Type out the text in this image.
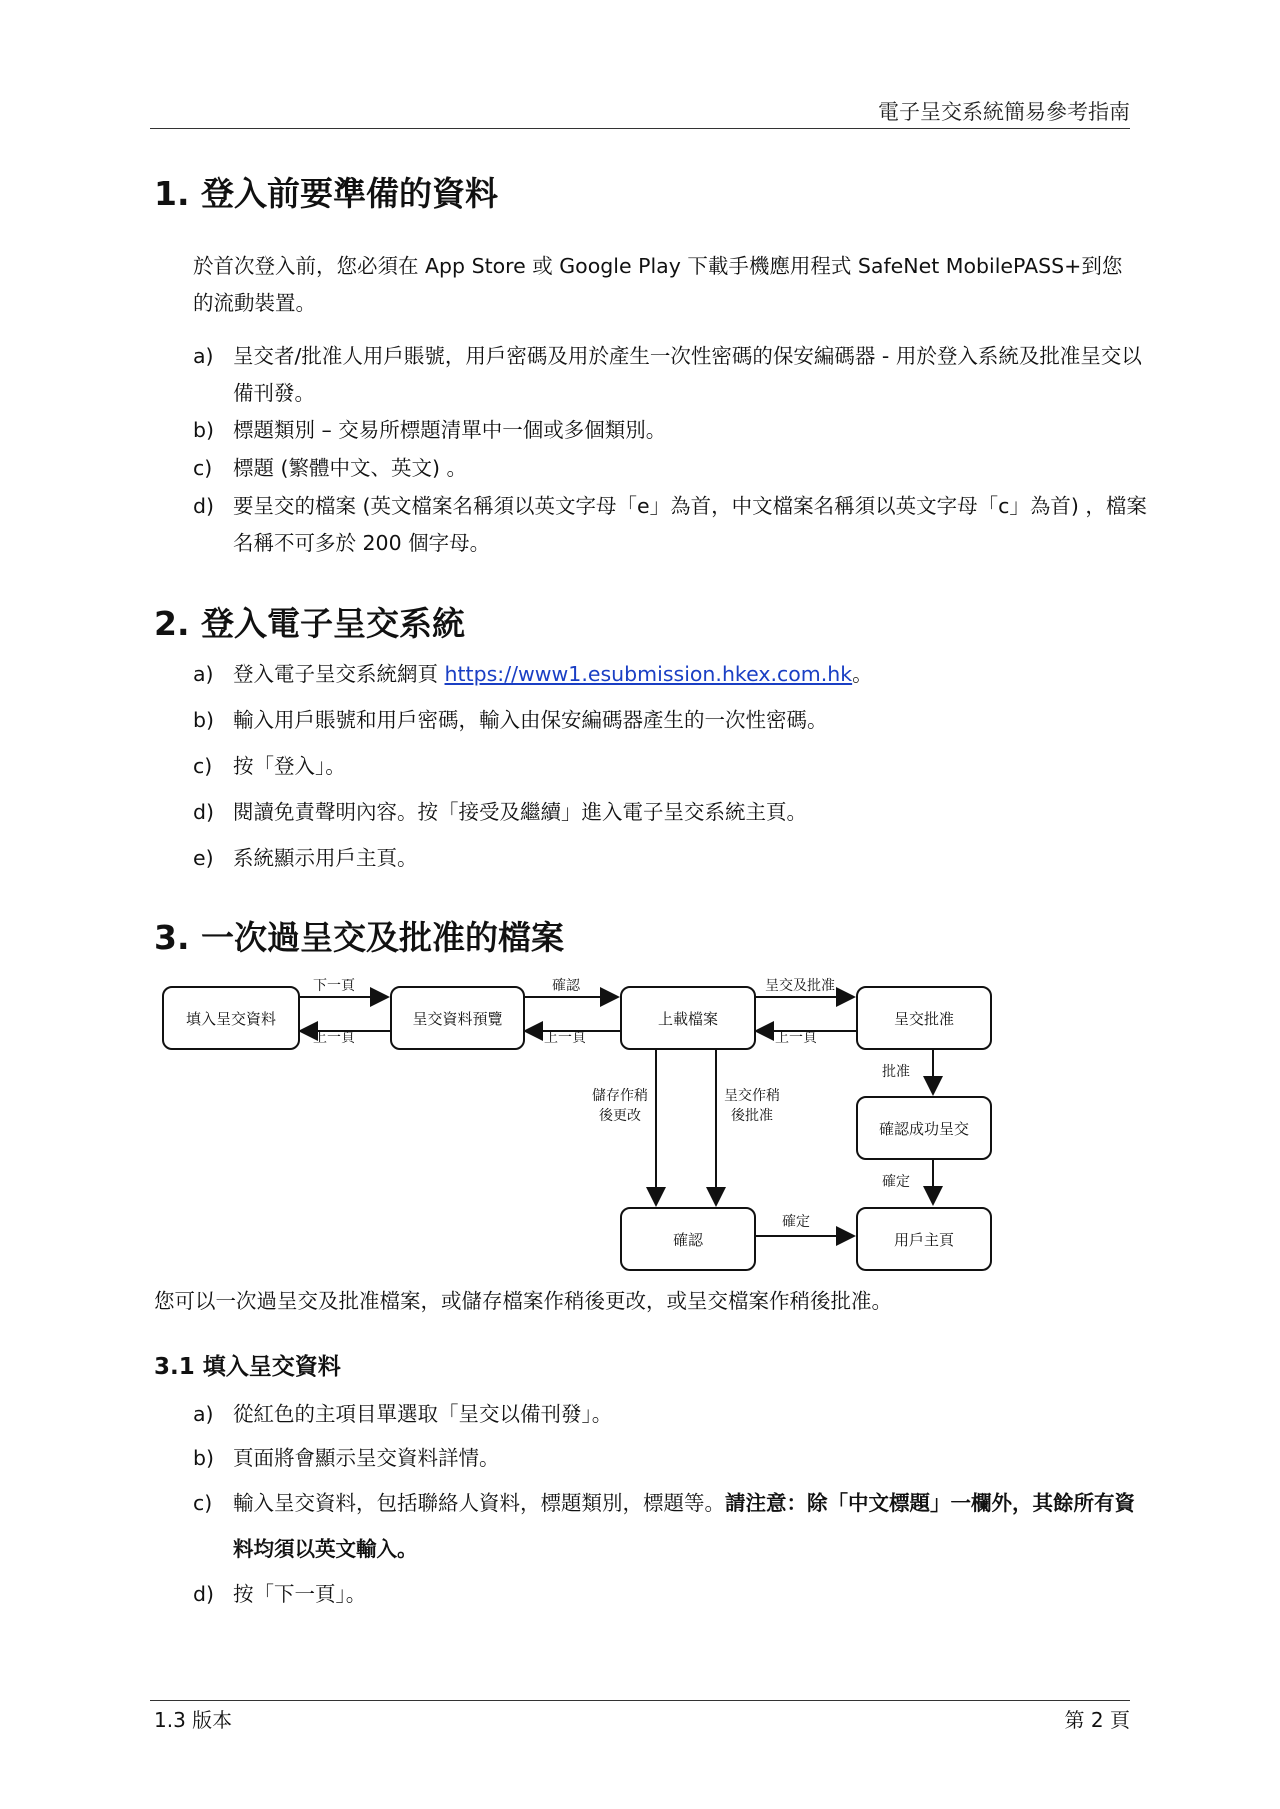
電子呈交系統簡易參考指南
1. 登入前要準備的資料

於首次登入前，您必須在 App Store 或 Google Play 下載手機應用程式 SafeNet MobilePASS+到您的流動裝置。

a) 呈交者/批准人用戶賬號，用戶密碼及用於產生一次性密碼的保安編碼器 - 用於登入系統及批准呈交以備刊發。
b) 標題類別 – 交易所標題清單中一個或多個類別。
c)	標題 (繁體中文、英文) 。
d) 要呈交的檔案 (英文檔案名稱須以英文字母「e」為首，中文檔案名稱須以英文字母「c」為首) ，檔案名稱不可多於 200 個字母。
2. 登入電子呈交系統
a) 登入電子呈交系統網頁 https://www1.esubmission.hkex.com.hk。
b) 輸入用戶賬號和用戶密碼，輸入由保安編碼器產生的一次性密碼。
c)	按「登入」。
d) 閱讀免責聲明內容。按「接受及繼續」進入電子呈交系統主頁。
e) 系統顯示用戶主頁。
3. 一次過呈交及批准的檔案
填入呈交資料	呈交資料預覽	上載檔案	呈交批准
確認成功呈交
確認	用戶主頁
下一頁
上一頁
確認
上一頁
呈交及批准
上一頁
批准
儲存作稍
後更改
呈交作稍
後批准
確定
確定
您可以一次過呈交及批准檔案，或儲存檔案作稍後更改，或呈交檔案作稍後批准。
3.1 填入呈交資料
a) 從紅色的主項目單選取「呈交以備刊發」。
b) 頁面將會顯示呈交資料詳情。
c)	輸入呈交資料，包括聯絡人資料，標題類別，標題等。請注意：除「中文標題」一欄外，其餘所有資料均須以英文輸入。
d) 按「下一頁」。
1.3 版本	第 2 頁
